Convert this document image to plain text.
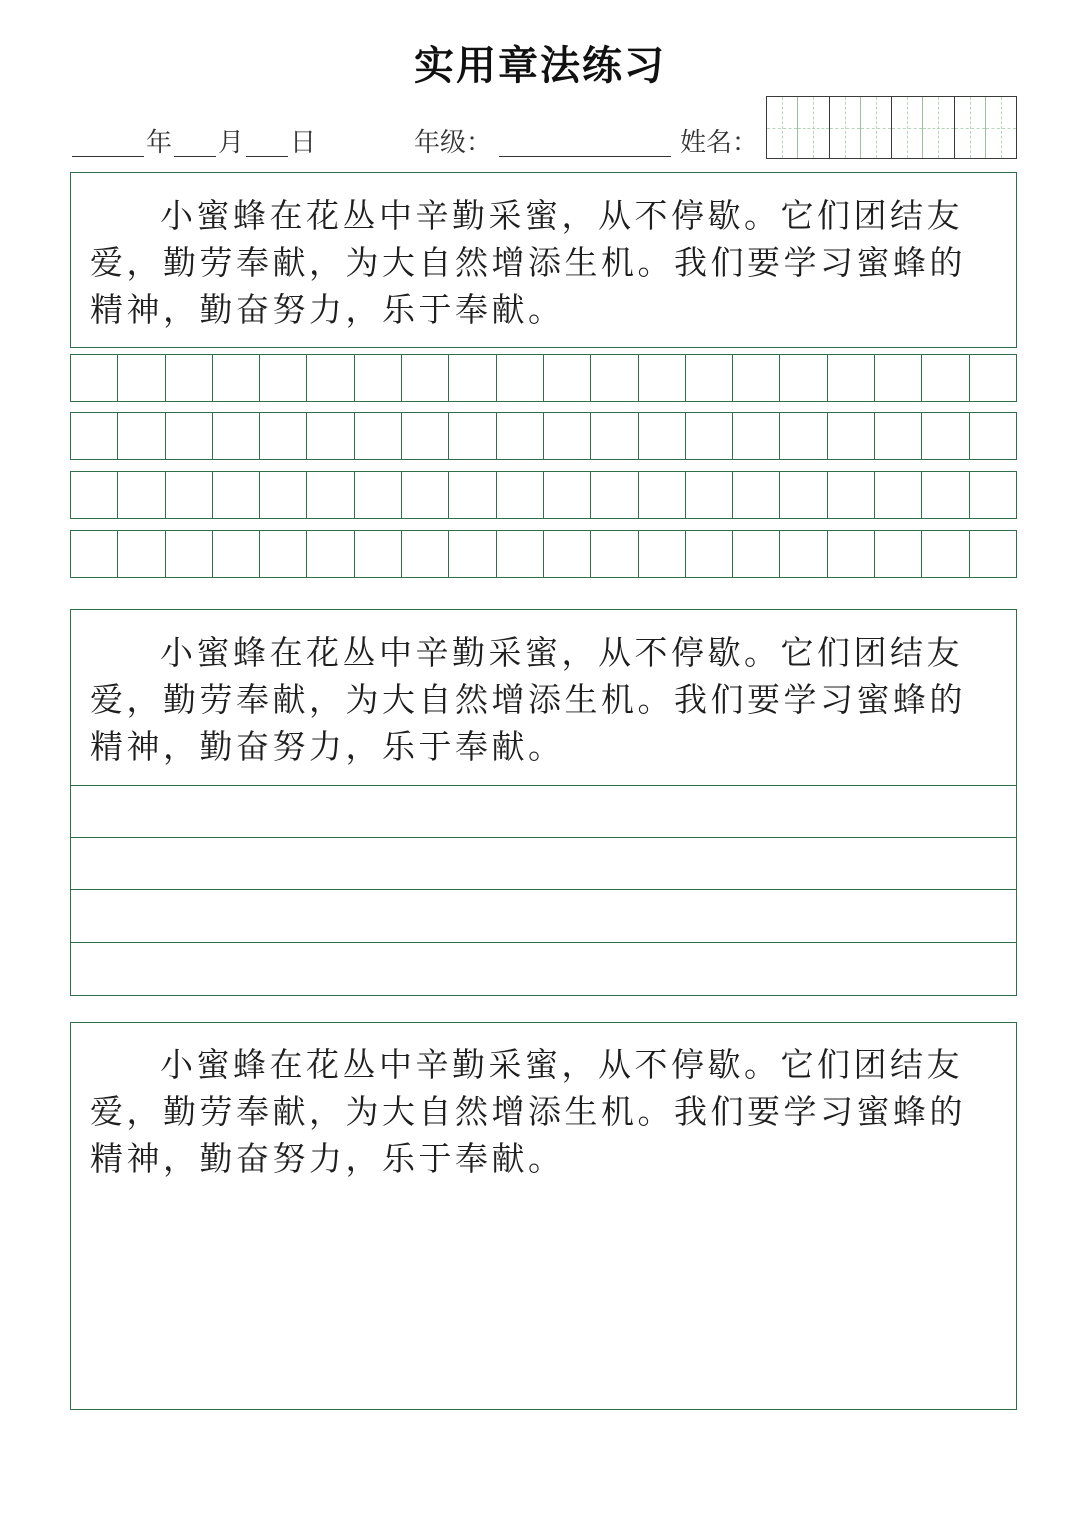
实用章法练习
年 月 日	年级：	姓名：

小蜜蜂在花丛中辛勤采蜜，从不停歇。它们团结友爱，勤劳奉献，为大自然增添生机。我们要学习蜜蜂的精神，勤奋努力，乐于奉献。

小蜜蜂在花丛中辛勤采蜜，从不停歇。它们团结友爱，勤劳奉献，为大自然增添生机。我们要学习蜜蜂的精神，勤奋努力，乐于奉献。

小蜜蜂在花丛中辛勤采蜜，从不停歇。它们团结友爱，勤劳奉献，为大自然增添生机。我们要学习蜜蜂的精神，勤奋努力，乐于奉献。
